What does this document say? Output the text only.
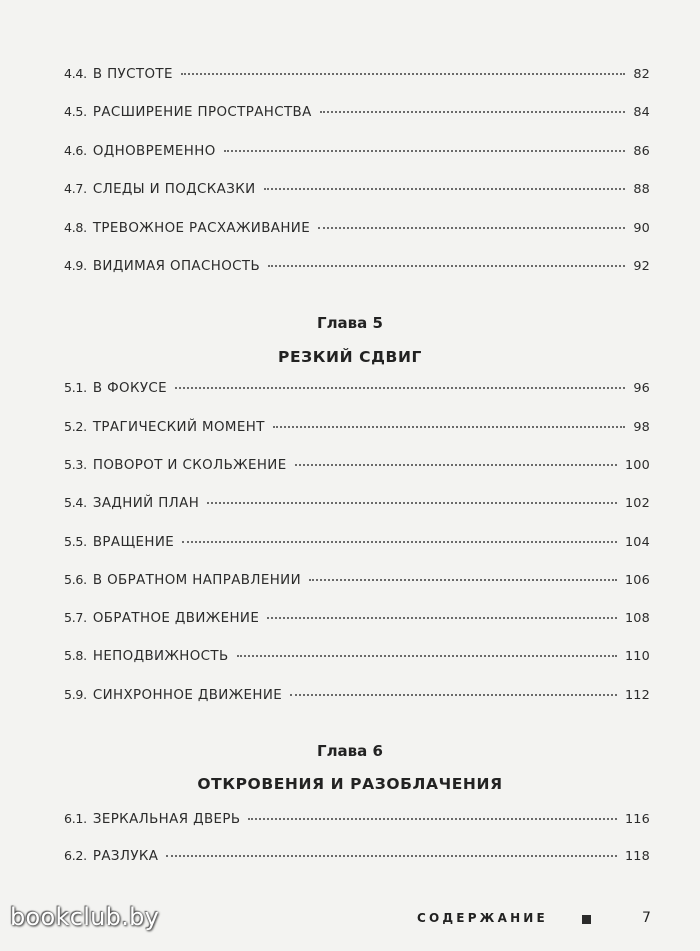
4.4. В ПУСТОТЕ	82
4.5. РАСШИРЕНИЕ ПРОСТРАНСТВА	84
4.6. ОДНОВРЕМЕННО	86
4.7. СЛЕДЫ И ПОДСКАЗКИ	88
4.8. ТРЕВОЖНОЕ РАСХАЖИВАНИЕ	90
4.9. ВИДИМАЯ ОПАСНОСТЬ	92
Глава 5
РЕЗКИЙ СДВИГ
5.1. В ФОКУСЕ	96
5.2. ТРАГИЧЕСКИЙ МОМЕНТ	98
5.3. ПОВОРОТ И СКОЛЬЖЕНИЕ	100
5.4. ЗАДНИЙ ПЛАН	102
5.5. ВРАЩЕНИЕ	104
5.6. В ОБРАТНОМ НАПРАВЛЕНИИ	106
5.7. ОБРАТНОЕ ДВИЖЕНИЕ	108
5.8. НЕПОДВИЖНОСТЬ	110
5.9. СИНХРОННОЕ ДВИЖЕНИЕ	112
Глава 6
ОТКРОВЕНИЯ И РАЗОБЛАЧЕНИЯ
6.1. ЗЕРКАЛЬНАЯ ДВЕРЬ	116
6.2. РАЗЛУКА	118
bookclub.by	СОДЕРЖАНИЕ	7
